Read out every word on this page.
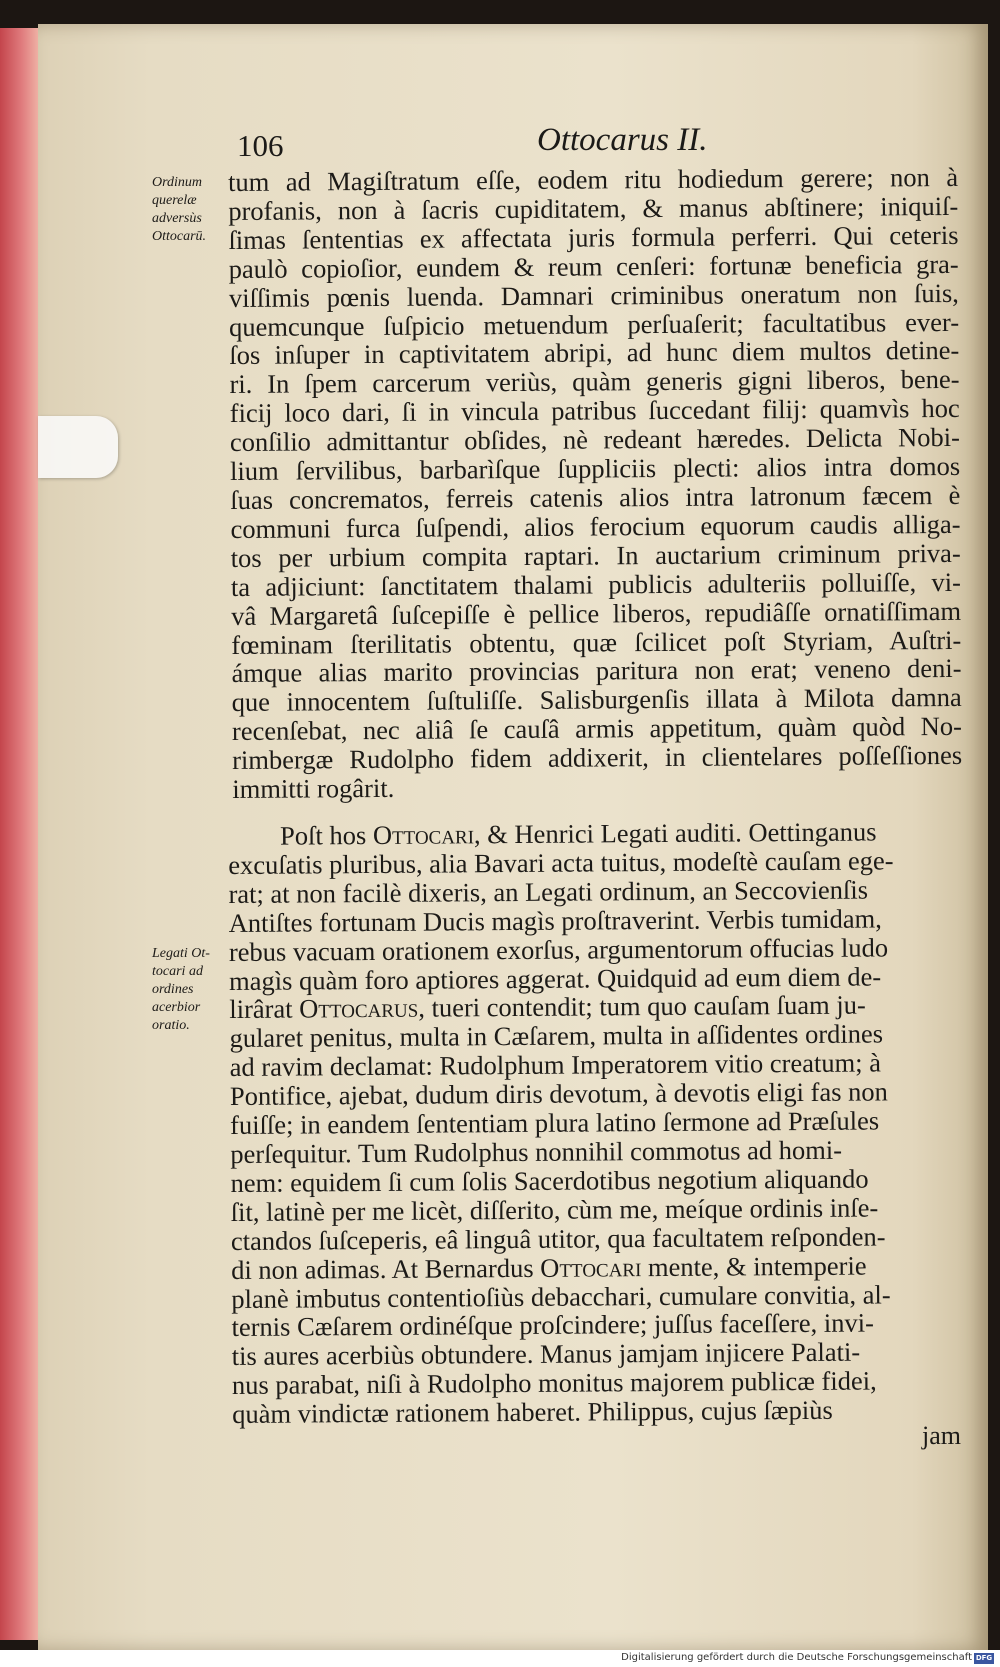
106	Ottocarus II.
Ordinum
querelæ
adversùs
Ottocarū.
Legati Ot-
tocari ad
ordines
acerbior
oratio.
tum ad Magiſtratum eſſe, eodem ritu hodiedum gerere; non à
profanis, non à ſacris cupiditatem, & manus abſtinere; iniquiſ-
ſimas ſententias ex affectata juris formula perferri. Qui ceteris
paulò copioſior, eundem & reum cenſeri: fortunæ beneficia gra-
viſſimis pœnis luenda. Damnari criminibus oneratum non ſuis,
quemcunque ſuſpicio metuendum perſuaſerit; facultatibus ever-
ſos inſuper in captivitatem abripi, ad hunc diem multos detine-
ri. In ſpem carcerum veriùs, quàm generis gigni liberos, bene-
ficij loco dari, ſi in vincula patribus ſuccedant filij: quamvìs hoc
conſilio admittantur obſides, nè redeant hæredes. Delicta Nobi-
lium ſervilibus, barbarìſque ſuppliciis plecti: alios intra domos
ſuas concrematos, ferreis catenis alios intra latronum fæcem è
communi furca ſuſpendi, alios ferocium equorum caudis alliga-
tos per urbium compita raptari. In auctarium criminum priva-
ta adjiciunt: ſanctitatem thalami publicis adulteriis polluiſſe, vi-
vâ Margaretâ ſuſcepiſſe è pellice liberos, repudiâſſe ornatiſſimam
fœminam ſterilitatis obtentu, quæ ſcilicet poſt Styriam, Auſtri-
ámque alias marito provincias paritura non erat; veneno deni-
que innocentem ſuſtuliſſe. Salisburgenſis illata à Milota damna
recenſebat, nec aliâ ſe cauſâ armis appetitum, quàm quòd No-
rimbergæ Rudolpho fidem addixerit, in clientelares poſſeſſiones
immitti rogârit.
Poſt hos Ottocari, & Henrici Legati auditi. Oettinganus
excuſatis pluribus, alia Bavari acta tuitus, modeſtè cauſam ege-
rat; at non facilè dixeris, an Legati ordinum, an Seccovienſis
Antiſtes fortunam Ducis magìs proſtraverint. Verbis tumidam,
rebus vacuam orationem exorſus, argumentorum offucias ludo
magìs quàm foro aptiores aggerat. Quidquid ad eum diem de-
lirârat Ottocarus, tueri contendit; tum quo cauſam ſuam ju-
gularet penitus, multa in Cæſarem, multa in aſſidentes ordines
ad ravim declamat: Rudolphum Imperatorem vitio creatum; à
Pontifice, ajebat, dudum diris devotum, à devotis eligi fas non
fuiſſe; in eandem ſententiam plura latino ſermone ad Præſules
perſequitur. Tum Rudolphus nonnihil commotus ad homi-
nem: equidem ſi cum ſolis Sacerdotibus negotium aliquando
ſit, latinè per me licèt, diſſerito, cùm me, meíque ordinis inſe-
ctandos ſuſceperis, eâ linguâ utitor, qua facultatem reſponden-
di non adimas. At Bernardus Ottocari mente, & intemperie
planè imbutus contentioſiùs debacchari, cumulare convitia, al-
ternis Cæſarem ordinéſque proſcindere; juſſus faceſſere, invi-
tis aures acerbiùs obtundere. Manus jamjam injicere Palati-
nus parabat, niſi à Rudolpho monitus majorem publicæ fidei,
quàm vindictæ rationem haberet. Philippus, cujus ſæpiùs
jam
Digitalisierung gefördert durch die Deutsche Forschungsgemeinschaft DFG
